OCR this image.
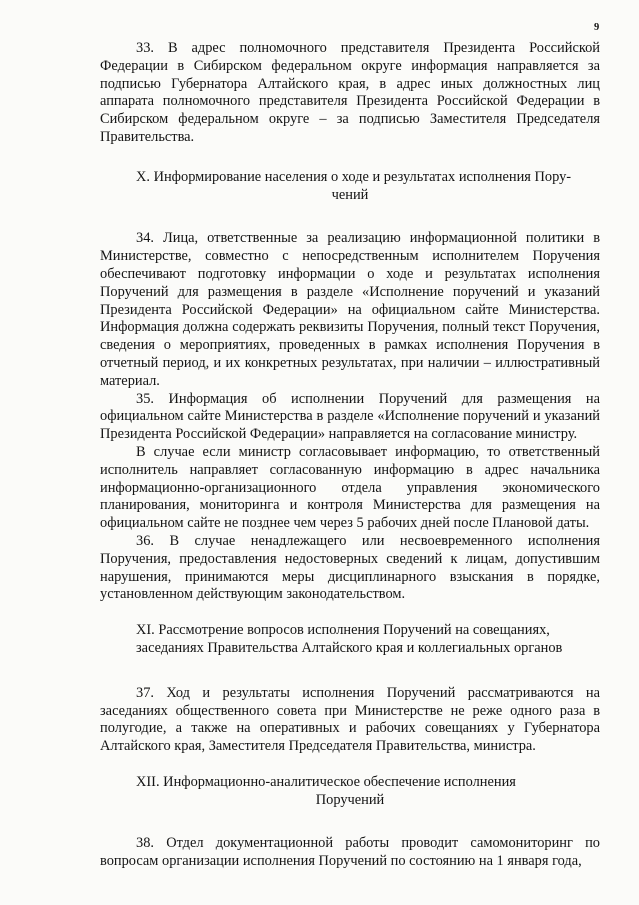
9

33. В адрес полномочного представителя Президента Российской Федерации в Сибирском федеральном округе информация направляется за подписью Губернатора Алтайского края, в адрес иных должностных лиц аппарата полномочного представителя Президента Российской Федерации в Сибирском федеральном округе – за подписью Заместителя Председателя Правительства.

X. Информирование населения о ходе и результатах исполнения Пору-
чений

34. Лица, ответственные за реализацию информационной политики в Министерстве, совместно с непосредственным исполнителем Поручения обеспечивают подготовку информации о ходе и результатах исполнения Поручений для размещения в разделе «Исполнение поручений и указаний Президента Российской Федерации» на официальном сайте Министерства. Информация должна содержать реквизиты Поручения, полный текст Поручения, сведения о мероприятиях, проведенных в рамках исполнения Поручения в отчетный период, и их конкретных результатах, при наличии – иллюстративный материал.

35. Информация об исполнении Поручений для размещения на официальном сайте Министерства в разделе «Исполнение поручений и указаний Президента Российской Федерации» направляется на согласование министру.

В случае если министр согласовывает информацию, то ответственный исполнитель направляет согласованную информацию в адрес начальника информационно-организационного отдела управления экономического планирования, мониторинга и контроля Министерства для размещения на официальном сайте не позднее чем через 5 рабочих дней после Плановой даты.

36. В случае ненадлежащего или несвоевременного исполнения Поручения, предоставления недостоверных сведений к лицам, допустившим нарушения, принимаются меры дисциплинарного взыскания в порядке, установленном действующим законодательством.

XI. Рассмотрение вопросов исполнения Поручений на совещаниях,
заседаниях Правительства Алтайского края и коллегиальных органов

37. Ход и результаты исполнения Поручений рассматриваются на заседаниях общественного совета при Министерстве не реже одного раза в полугодие, а также на оперативных и рабочих совещаниях у Губернатора Алтайского края, Заместителя Председателя Правительства, министра.

XII. Информационно-аналитическое обеспечение исполнения
Поручений

38. Отдел документационной работы проводит самомониторинг по вопросам организации исполнения Поручений по состоянию на 1 января года,
